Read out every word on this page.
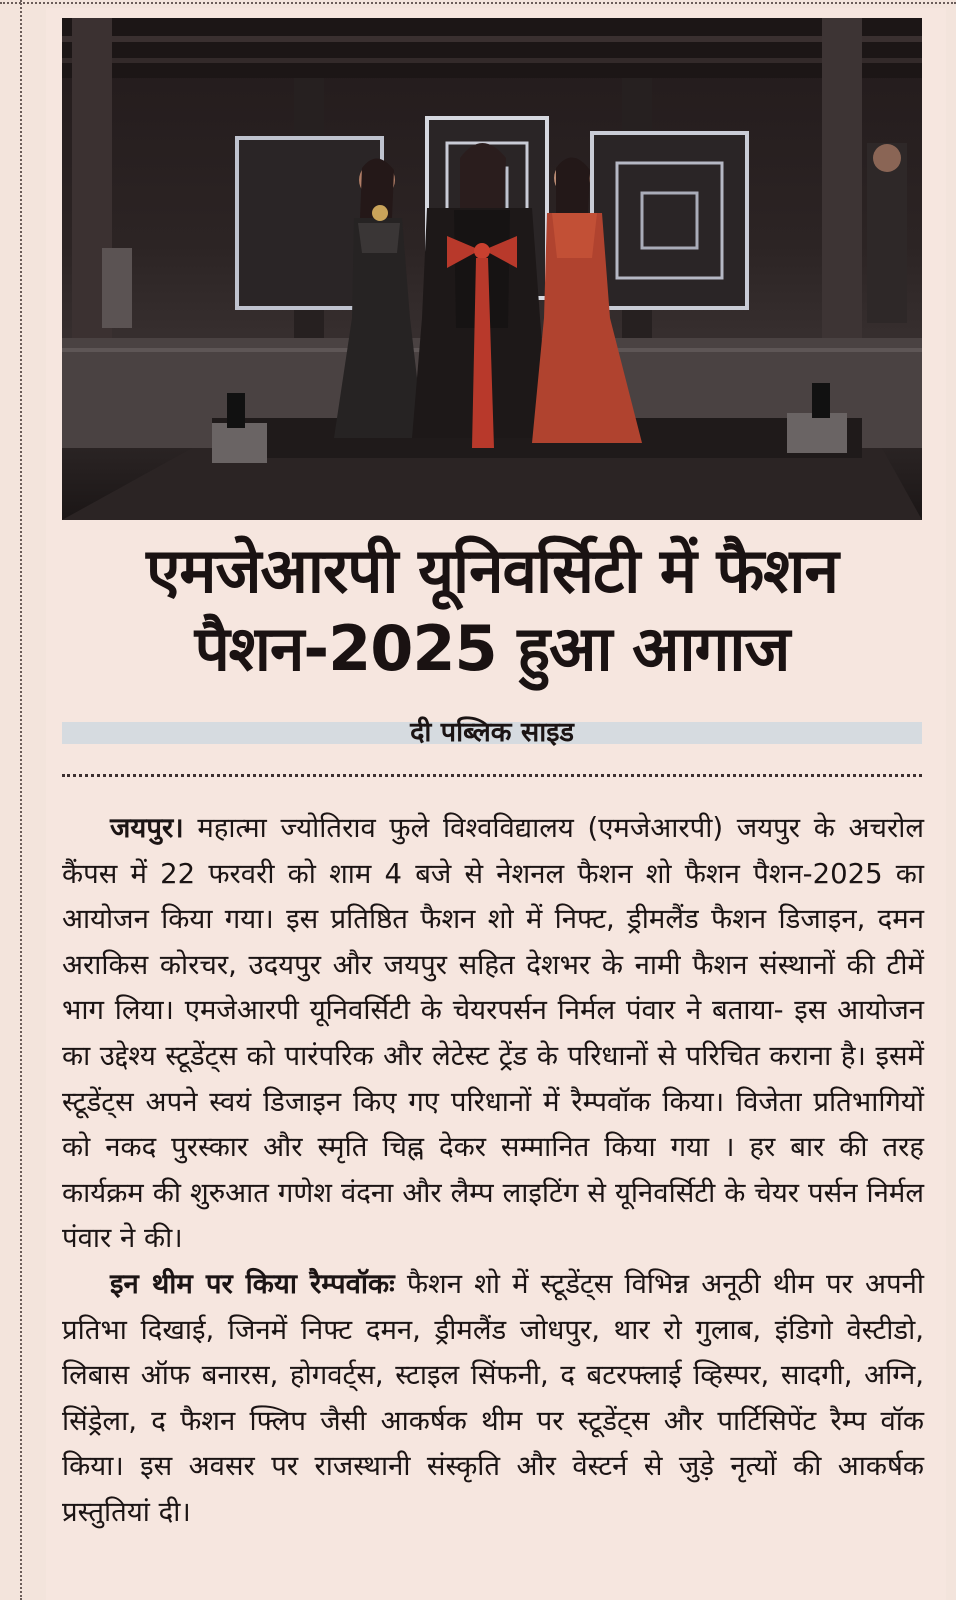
एमजेआरपी यूनिवर्सिटी में फैशन
पैशन-2025 हुआ आगाज
दी पब्लिक साइड

जयपुर। महात्मा ज्योतिराव फुले विश्वविद्यालय (एमजेआरपी) जयपुर के अचरोल कैंपस में 22 फरवरी को शाम 4 बजे से नेशनल फैशन शो फैशन पैशन-2025 का आयोजन किया गया। इस प्रतिष्ठित फैशन शो में निफ्ट, ड्रीमलैंड फैशन डिजाइन, दमन अराकिस कोरचर, उदयपुर और जयपुर सहित देशभर के नामी फैशन संस्थानों की टीमें भाग लिया। एमजेआरपी यूनिवर्सिटी के चेयरपर्सन निर्मल पंवार ने बताया- इस आयोजन का उद्देश्य स्टूडेंट्स को पारंपरिक और लेटेस्ट ट्रेंड के परिधानों से परिचित कराना है। इसमें स्टूडेंट्स अपने स्वयं डिजाइन किए गए परिधानों में रैम्पवॉक किया। विजेता प्रतिभागियों को नकद पुरस्कार और स्मृति चिह्न देकर सम्मानित किया गया । हर बार की तरह कार्यक्रम की शुरुआत गणेश वंदना और लैम्प लाइटिंग से यूनिवर्सिटी के चेयर पर्सन निर्मल पंवार ने की।

इन थीम पर किया रैम्पवॉकः फैशन शो में स्टूडेंट्स विभिन्न अनूठी थीम पर अपनी प्रतिभा दिखाई, जिनमें निफ्ट दमन, ड्रीमलैंड जोधपुर, थार रो गुलाब, इंडिगो वेस्टीडो, लिबास ऑफ बनारस, होगवर्ट्स, स्टाइल सिंफनी, द बटरफ्लाई व्हिस्पर, सादगी, अग्नि, सिंड्रेला, द फैशन फ्लिप जैसी आकर्षक थीम पर स्टूडेंट्स और पार्टिसिपेंट रैम्प वॉक किया। इस अवसर पर राजस्थानी संस्कृति और वेस्टर्न से जुड़े नृत्यों की आकर्षक प्रस्तुतियां दी।
